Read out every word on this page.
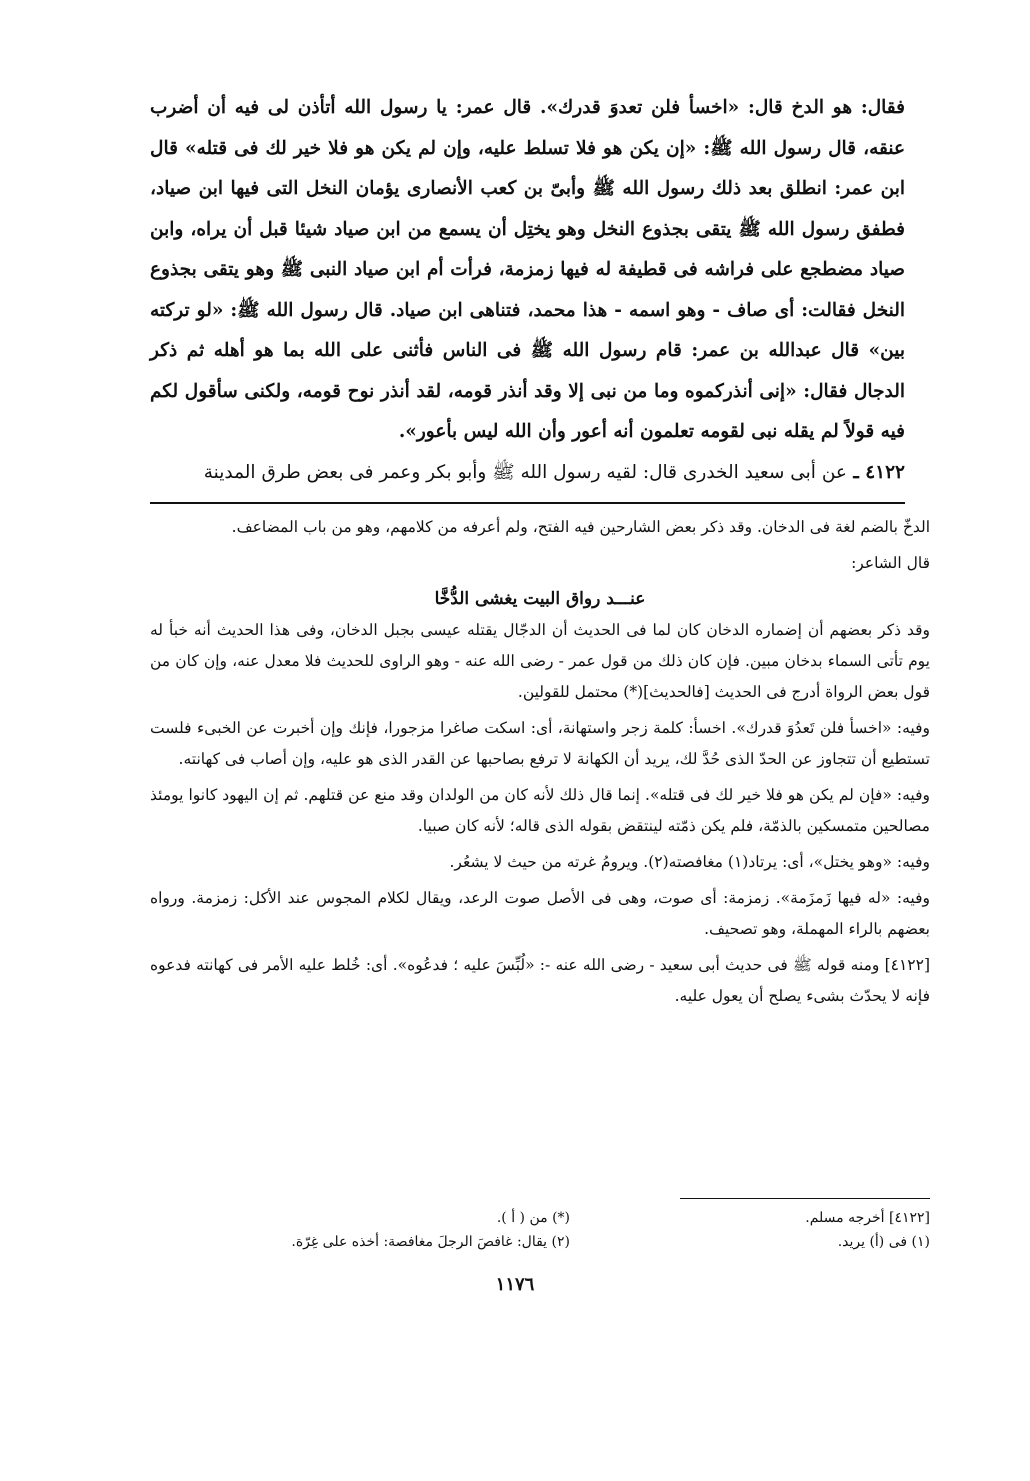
فقال: هو الدخ قال: «اخسأ فلن تعدوَ قدرك». قال عمر: يا رسول الله أتأذن لى فيه أن أضرب عنقه، قال رسول الله ﷺ: «إن يكن هو فلا تسلط عليه، وإن لم يكن هو فلا خير لك فى قتله» قال ابن عمر: انطلق بعد ذلك رسول الله ﷺ وأبىّ بن كعب الأنصارى يؤمان النخل التى فيها ابن صياد، فطفق رسول الله ﷺ يتقى بجذوع النخل وهو يختِل أن يسمع من ابن صياد شيئا قبل أن يراه، وابن صياد مضطجع على فراشه فى قطيفة له فيها زمزمة، فرأت أم ابن صياد النبى ﷺ وهو يتقى بجذوع النخل فقالت: أى صاف - وهو اسمه - هذا محمد، فتناهى ابن صياد. قال رسول الله ﷺ: «لو تركته بين» قال عبدالله بن عمر: قام رسول الله ﷺ فى الناس فأثنى على الله بما هو أهله ثم ذكر الدجال فقال: «إنى أنذركموه وما من نبى إلا وقد أنذر قومه، لقد أنذر نوح قومه، ولكنى سأقول لكم فيه قولاً لم يقله نبى لقومه تعلمون أنه أعور وأن الله ليس بأعور».

٤١٢٢ ـ عن أبى سعيد الخدرى قال: لقيه رسول الله ﷺ وأبو بكر وعمر فى بعض طرق المدينة

الدخّ بالضم لغة فى الدخان. وقد ذكر بعض الشارحين فيه الفتح، ولم أعرفه من كلامهم، وهو من باب المضاعف.

قال الشاعر:

عنـــد رواق البيت يغشى الدُّخَّا

وقد ذكر بعضهم أن إضماره الدخان كان لما فى الحديث أن الدجّال يقتله عيسى بجبل الدخان، وفى هذا الحديث أنه خبأ له يوم تأتى السماء بدخان مبين. فإن كان ذلك من قول عمر - رضى الله عنه - وهو الراوى للحديث فلا معدل عنه، وإن كان من قول بعض الرواة أدرج فى الحديث [فالحديث](*) محتمل للقولين.

وفيه: «اخسأ فلن تَعدُوَ قدرك». اخسأ: كلمة زجر واستهانة، أى: اسكت صاغرا مزجورا، فإنك وإن أخبرت عن الخبىء فلست تستطيع أن تتجاوز عن الحدّ الذى حُدَّ لك، يريد أن الكهانة لا ترفع بصاحبها عن القدر الذى هو عليه، وإن أصاب فى كهانته.

وفيه: «فإن لم يكن هو فلا خير لك فى قتله». إنما قال ذلك لأنه كان من الولدان وقد منع عن قتلهم. ثم إن اليهود كانوا يومئذ مصالحين متمسكين بالذمّة، فلم يكن ذمّته لينتقض بقوله الذى قاله؛ لأنه كان صبيا.

وفيه: «وهو يختل»، أى: يرتاد(١) مغافصته(٢). ويرومُ غرته من حيث لا يشعُر.

وفيه: «له فيها زَمزَمة». زمزمة: أى صوت، وهى فى الأصل صوت الرعد، ويقال لكلام المجوس عند الأكل: زمزمة. ورواه بعضهم بالراء المهملة، وهو تصحيف.

[٤١٢٢] ومنه قوله ﷺ فى حديث أبى سعيد - رضى الله عنه -: «لُبِّسَ عليه ؛ فدعُوه». أى: خُلط عليه الأمر فى كهانته فدعوه فإنه لا يحدّث بشىء يصلح أن يعول عليه.

[٤١٢٢] أخرجه مسلم.
(*) من ( أ ).
(١) فى (أ) يريد.
(٢) يقال: غافصَ الرجلَ مغافصة: أخذه على غِرّة.
١١٧٦
